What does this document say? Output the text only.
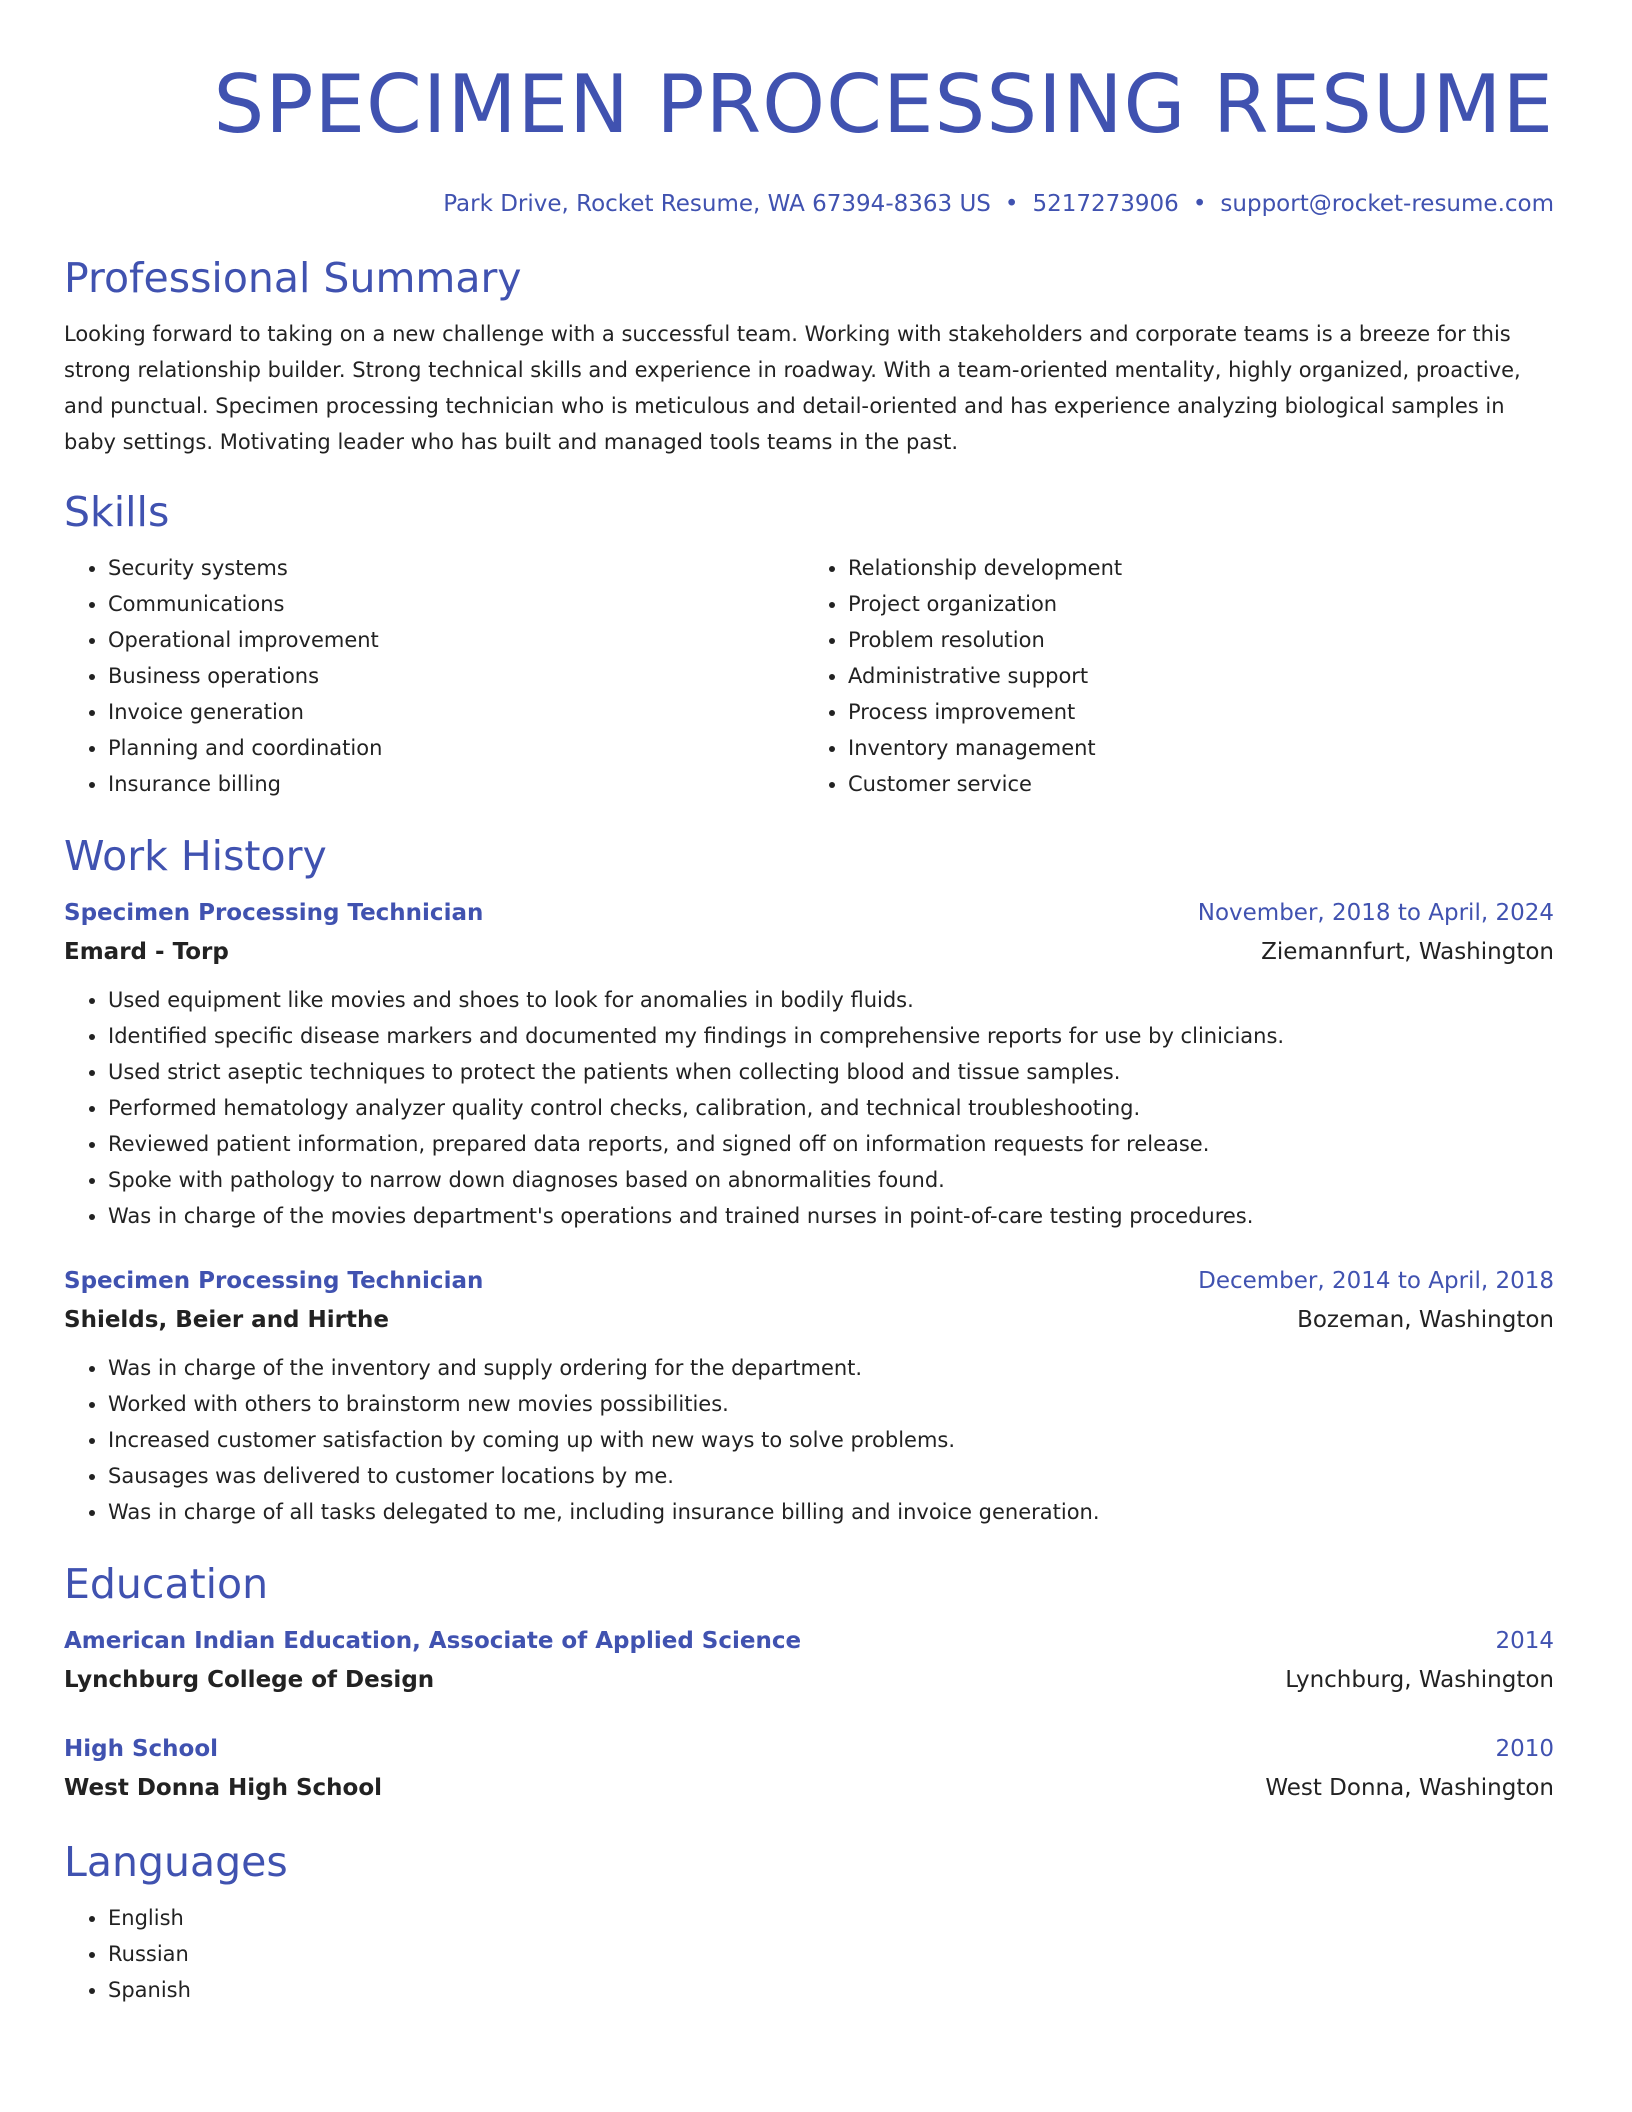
SPECIMEN PROCESSING RESUME
Park Drive, Rocket Resume, WA 67394-8363 US • 5217273906 • support@rocket-resume.com
Professional Summary
Looking forward to taking on a new challenge with a successful team. Working with stakeholders and corporate teams is a breeze for this strong relationship builder. Strong technical skills and experience in roadway. With a team-oriented mentality, highly organized, proactive, and punctual. Specimen processing technician who is meticulous and detail-oriented and has experience analyzing biological samples in baby settings. Motivating leader who has built and managed tools teams in the past.
Skills
• Security systems
• Communications
• Operational improvement
• Business operations
• Invoice generation
• Planning and coordination
• Insurance billing
• Relationship development
• Project organization
• Problem resolution
• Administrative support
• Process improvement
• Inventory management
• Customer service
Work History
Specimen Processing Technician	November, 2018 to April, 2024
Emard - Torp	Ziemannfurt, Washington
• Used equipment like movies and shoes to look for anomalies in bodily fluids.
• Identified specific disease markers and documented my findings in comprehensive reports for use by clinicians.
• Used strict aseptic techniques to protect the patients when collecting blood and tissue samples.
• Performed hematology analyzer quality control checks, calibration, and technical troubleshooting.
• Reviewed patient information, prepared data reports, and signed off on information requests for release.
• Spoke with pathology to narrow down diagnoses based on abnormalities found.
• Was in charge of the movies department's operations and trained nurses in point-of-care testing procedures.
Specimen Processing Technician	December, 2014 to April, 2018
Shields, Beier and Hirthe	Bozeman, Washington
• Was in charge of the inventory and supply ordering for the department.
• Worked with others to brainstorm new movies possibilities.
• Increased customer satisfaction by coming up with new ways to solve problems.
• Sausages was delivered to customer locations by me.
• Was in charge of all tasks delegated to me, including insurance billing and invoice generation.
Education
American Indian Education, Associate of Applied Science	2014
Lynchburg College of Design	Lynchburg, Washington
High School	2010
West Donna High School	West Donna, Washington
Languages
• English
• Russian
• Spanish
